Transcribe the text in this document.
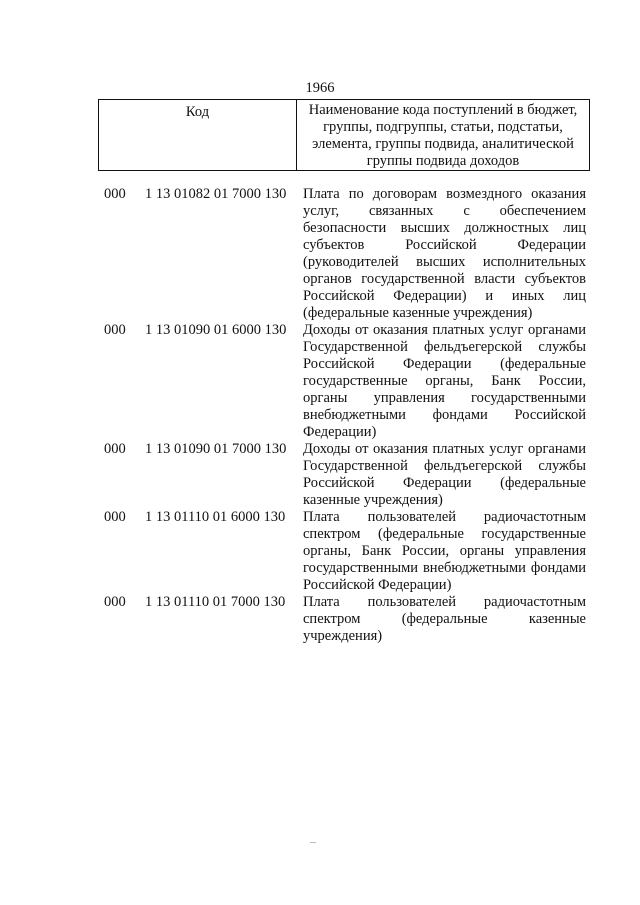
1966
Код	Наименование кода поступлений в бюджет,
группы, подгруппы, статьи, подстатьи,
элемента, группы подвида, аналитической
группы подвида доходов
000 1 13 01082 01 7000 130 Плата по договорам возмездного оказания
услуг, связанных с обеспечением
безопасности высших должностных лиц
субъектов Российской Федерации
(руководителей высших исполнительных
органов государственной власти субъектов
Российской Федерации) и иных лиц
(федеральные казенные учреждения)
000 1 13 01090 01 6000 130 Доходы от оказания платных услуг органами
Государственной фельдъегерской службы
Российской Федерации (федеральные
государственные органы, Банк России,
органы управления государственными
внебюджетными фондами Российской
Федерации)
000 1 13 01090 01 7000 130 Доходы от оказания платных услуг органами
Государственной фельдъегерской службы
Российской Федерации (федеральные
казенные учреждения)
000 1 13 01110 01 6000 130 Плата пользователей радиочастотным
спектром (федеральные государственные
органы, Банк России, органы управления
государственными внебюджетными фондами
Российской Федерации)
000 1 13 01110 01 7000 130 Плата пользователей радиочастотным
спектром (федеральные казенные
учреждения)
